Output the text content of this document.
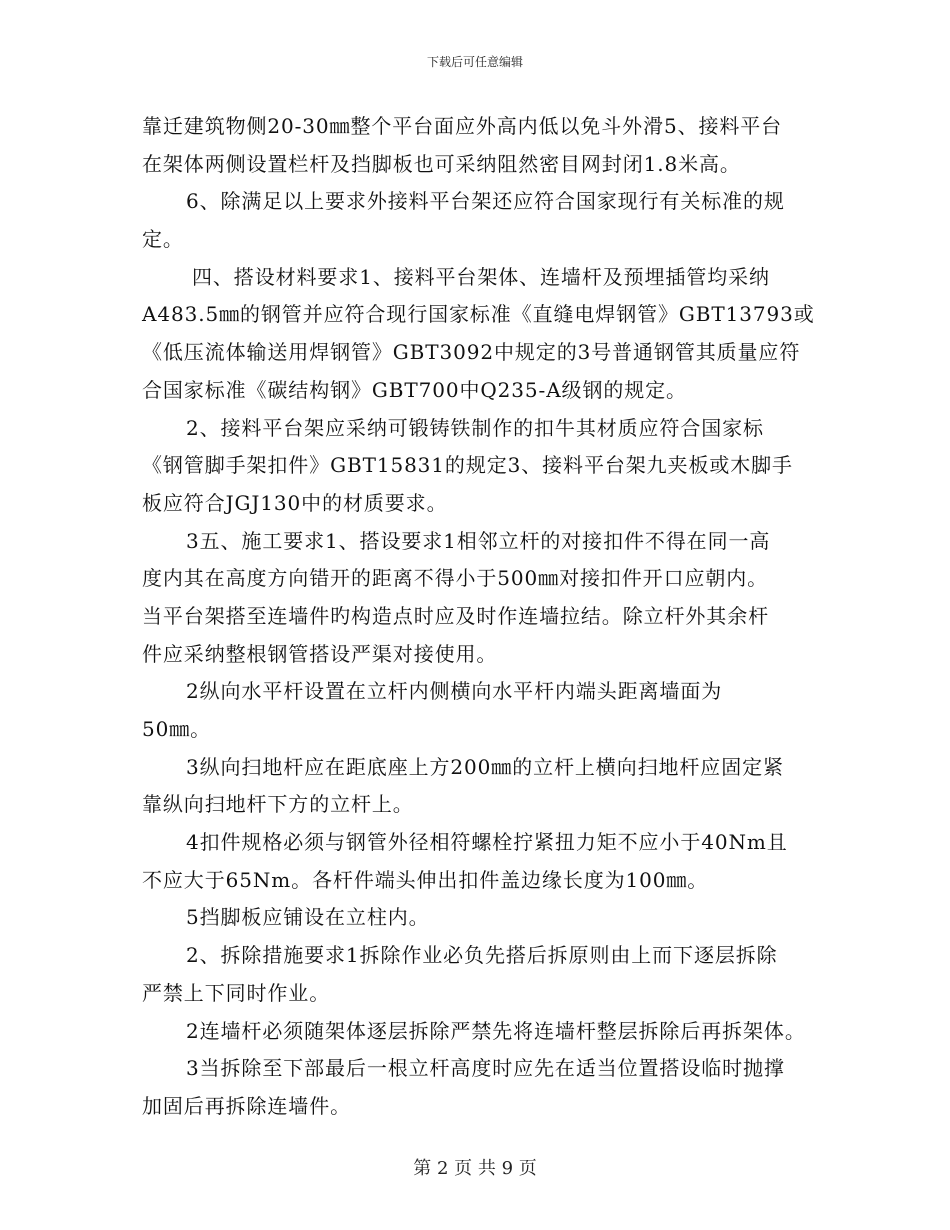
下载后可任意编辑
靠迁建筑物侧20-30㎜整个平台面应外高内低以免斗外滑5、接料平台
在架体两侧设置栏杆及挡脚板也可采纳阻然密目网封闭1.8米高。
6、除满足以上要求外接料平台架还应符合国家现行有关标准的规
定。
四、搭设材料要求1、接料平台架体、连墙杆及预埋插管均采纳
A483.5㎜的钢管并应符合现行国家标准《直缝电焊钢管》GBT13793或
《低压流体输送用焊钢管》GBT3092中规定的3号普通钢管其质量应符
合国家标准《碳结构钢》GBT700中Q235-A级钢的规定。
2、接料平台架应采纳可锻铸铁制作的扣牛其材质应符合国家标
《钢管脚手架扣件》GBT15831的规定3、接料平台架九夹板或木脚手
板应符合JGJ130中的材质要求。
3五、施工要求1、搭设要求1相邻立杆的对接扣件不得在同一高
度内其在高度方向错开的距离不得小于500㎜对接扣件开口应朝内。
当平台架搭至连墙件旳构造点时应及时作连墙拉结。除立杆外其余杆
件应采纳整根钢管搭设严渠对接使用。
2纵向水平杆设置在立杆内侧横向水平杆内端头距离墙面为
50㎜。
3纵向扫地杆应在距底座上方200㎜的立杆上横向扫地杆应固定紧
靠纵向扫地杆下方的立杆上。
4扣件规格必须与钢管外径相符螺栓拧紧扭力矩不应小于40Nm且
不应大于65Nm。各杆件端头伸出扣件盖边缘长度为100㎜。
5挡脚板应铺设在立柱内。
2、拆除措施要求1拆除作业必负先搭后拆原则由上而下逐层拆除
严禁上下同时作业。
2连墙杆必须随架体逐层拆除严禁先将连墙杆整层拆除后再拆架体。
3当拆除至下部最后一根立杆高度时应先在适当位置搭设临时抛撑
加固后再拆除连墙件。
第 2 页 共 9 页
